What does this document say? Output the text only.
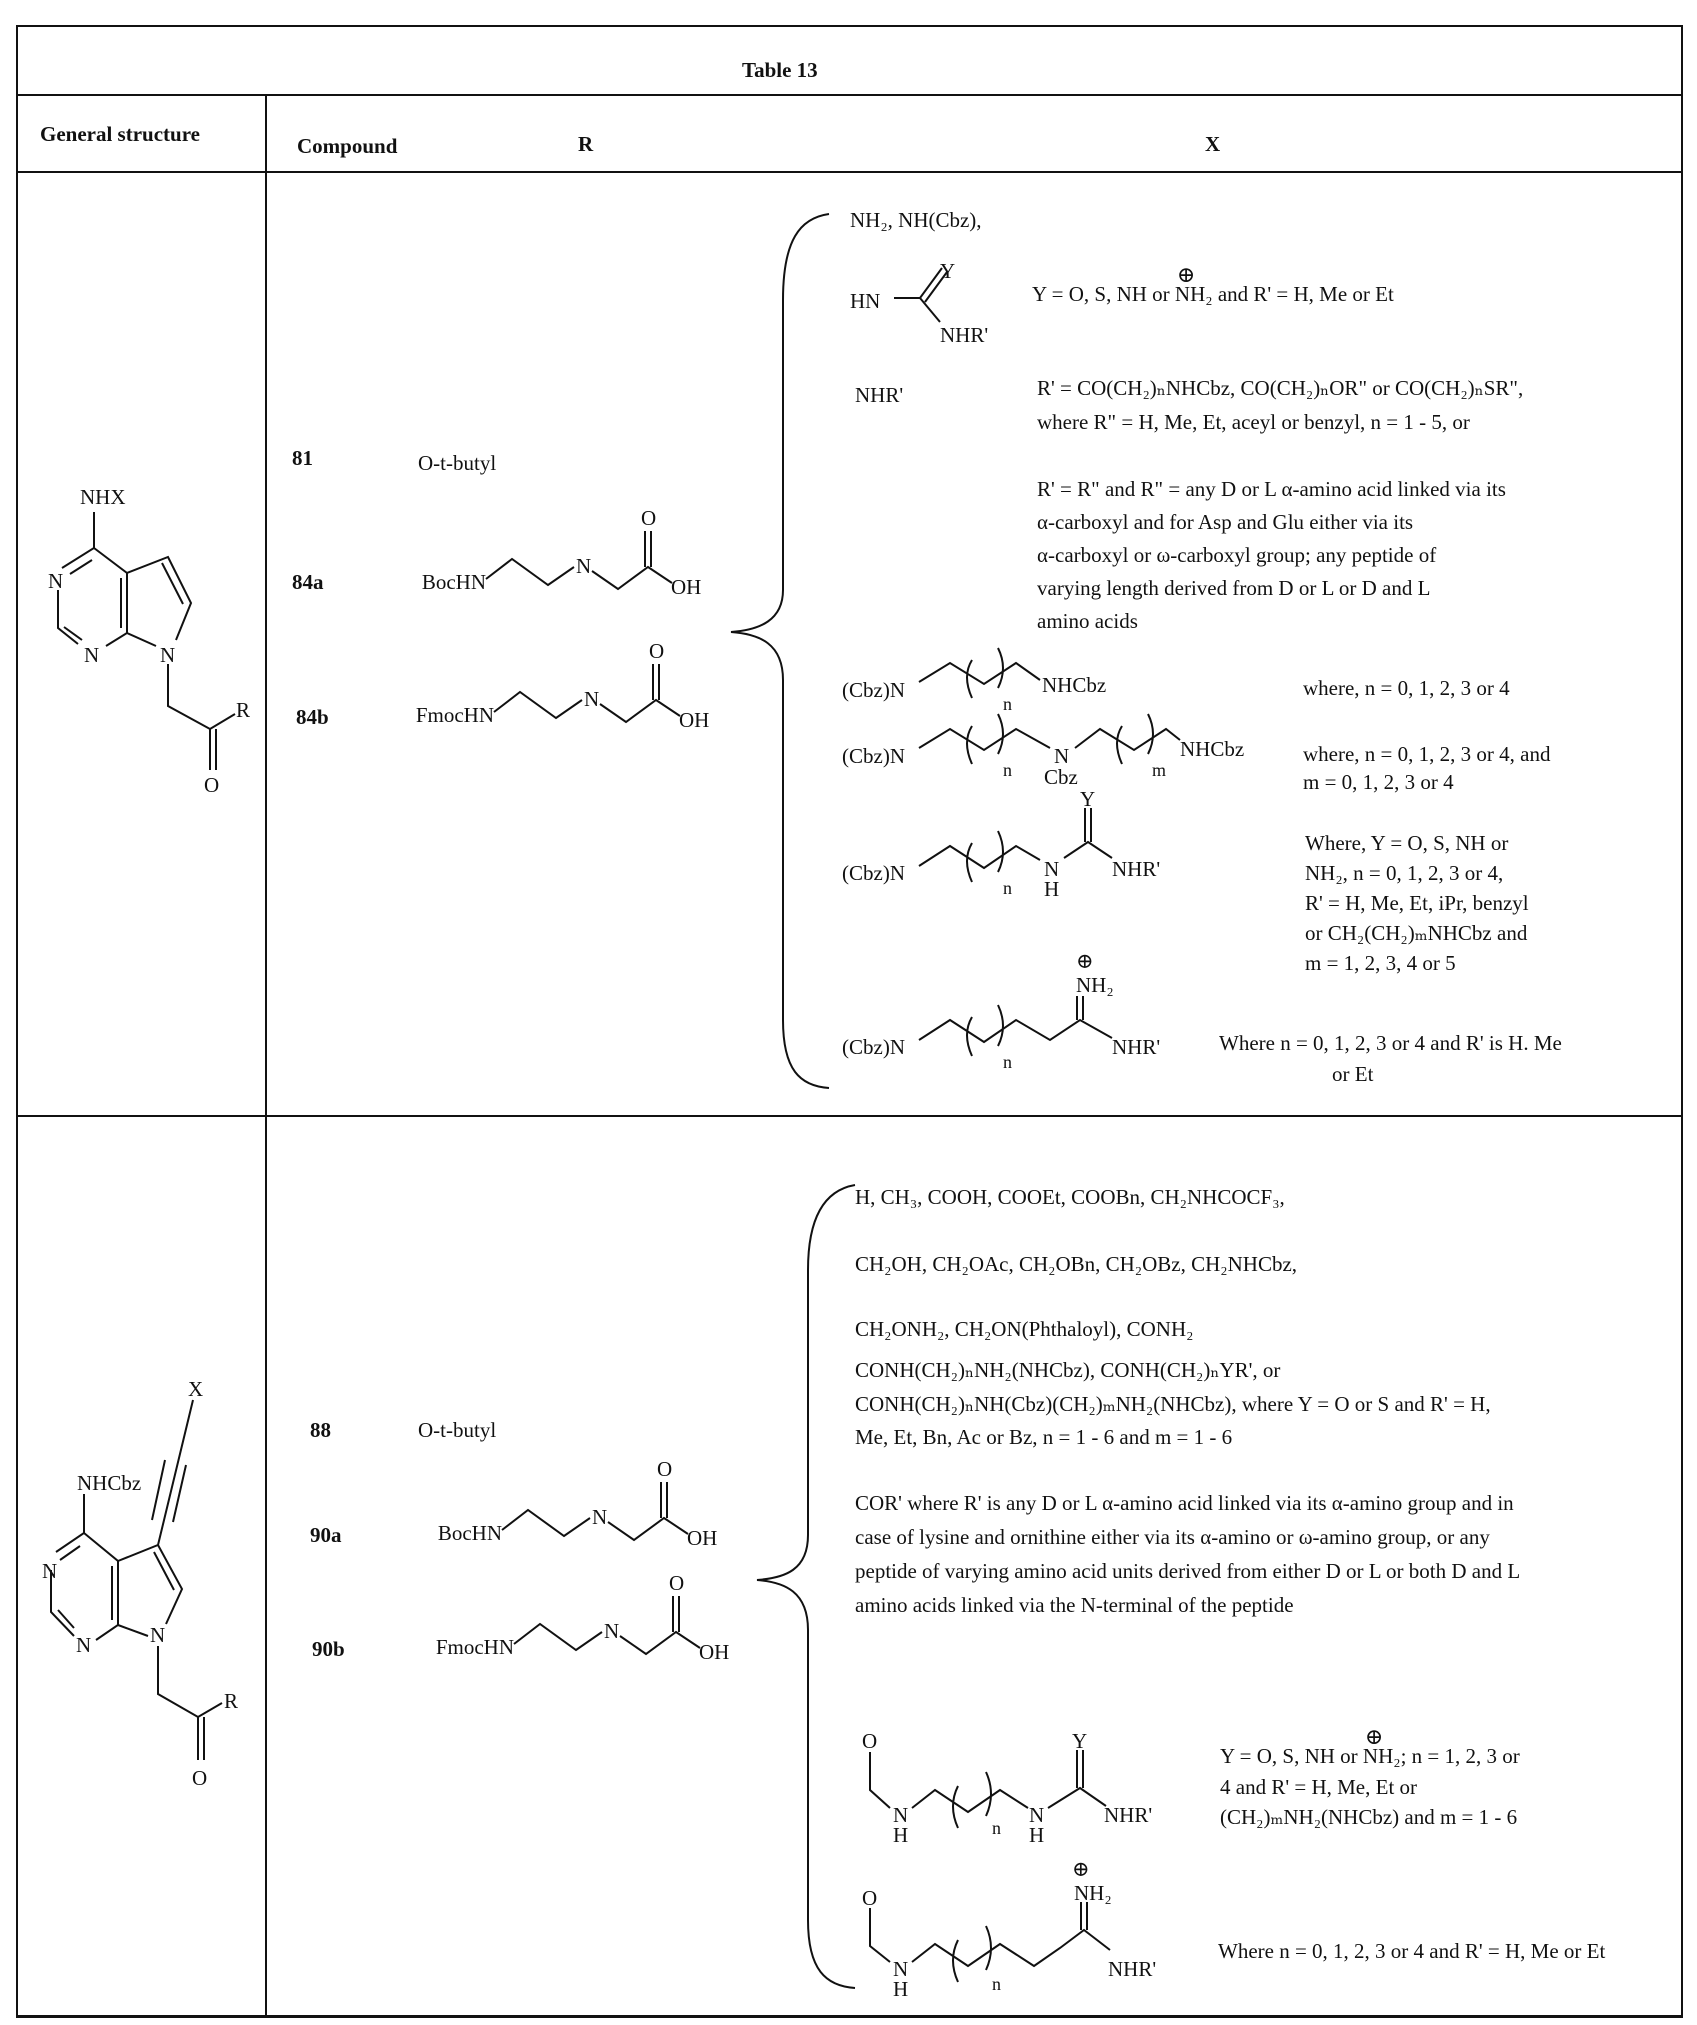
Table 13
General structure	Compound	R	X
81
84a
84b
O-t-butyl
NH₂, NH(Cbz),
Y = O, S, NH or
⊕
NH₂ and R' = H, Me or Et
NHR'	R' = CO(CH₂)ₙNHCbz, CO(CH₂)ₙOR" or CO(CH₂)ₙSR",
where R" = H, Me, Et, aceyl or benzyl, n = 1 - 5, or
R' = R" and R" = any D or L α-amino acid linked via its
α-carboxyl and for Asp and Glu either via its
α-carboxyl or ω-carboxyl group; any peptide of
varying length derived from D or L or D and L
amino acids
where, n = 0, 1, 2, 3 or 4
where, n = 0, 1, 2, 3 or 4, and
m = 0, 1, 2, 3 or 4
Where, Y = O, S, NH or
NH₂, n = 0, 1, 2, 3 or 4,
R' = H, Me, Et, iPr, benzyl
or CH₂(CH₂)ₘNHCbz and
m = 1, 2, 3, 4 or 5
Where n = 0, 1, 2, 3 or 4 and R' is H. Me
or Et
88
90a
90b
O-t-butyl
H, CH₃, COOH, COOEt, COOBn, CH₂NHCOCF₃,
CH₂OH, CH₂OAc, CH₂OBn, CH₂OBz, CH₂NHCbz,
CH₂ONH₂, CH₂ON(Phthaloyl), CONH₂
CONH(CH₂)ₙNH₂(NHCbz), CONH(CH₂)ₙYR', or
CONH(CH₂)ₙNH(Cbz)(CH₂)ₘNH₂(NHCbz), where Y = O or S and R' = H,
Me, Et, Bn, Ac or Bz, n = 1 - 6 and m = 1 - 6
COR' where R' is any D or L α-amino acid linked via its α-amino group and in
case of lysine and ornithine either via its α-amino or ω-amino group, or any
peptide of varying amino acid units derived from either D or L or both D and L
amino acids linked via the N-terminal of the peptide
Y = O, S, NH or
⊕
NH₂; n = 1, 2, 3 or
4 and R' = H, Me, Et or
(CH₂)ₘNH₂(NHCbz) and m = 1 - 6
Where n = 0, 1, 2, 3 or 4 and R' = H, Me or Et
NHX
N
N	N
R
O
X
NHCbz
N
N	N
R
O
BocHN
N
O
OH
FmocHN
N
O
OH
BocHN
N
O
OH
FmocHN
N
O
OH
HN
Y
NHR'
(Cbz)N
n
NHCbz
(Cbz)N
n
N
Cbz	m
NHCbz
(Cbz)N
n
N
H
Y
NHR'
(Cbz)N
n
⊕
NH₂
NHR'
O
N
H	n
N
H
Y
NHR'
O
N
H	n
⊕
NH₂
NHR'
